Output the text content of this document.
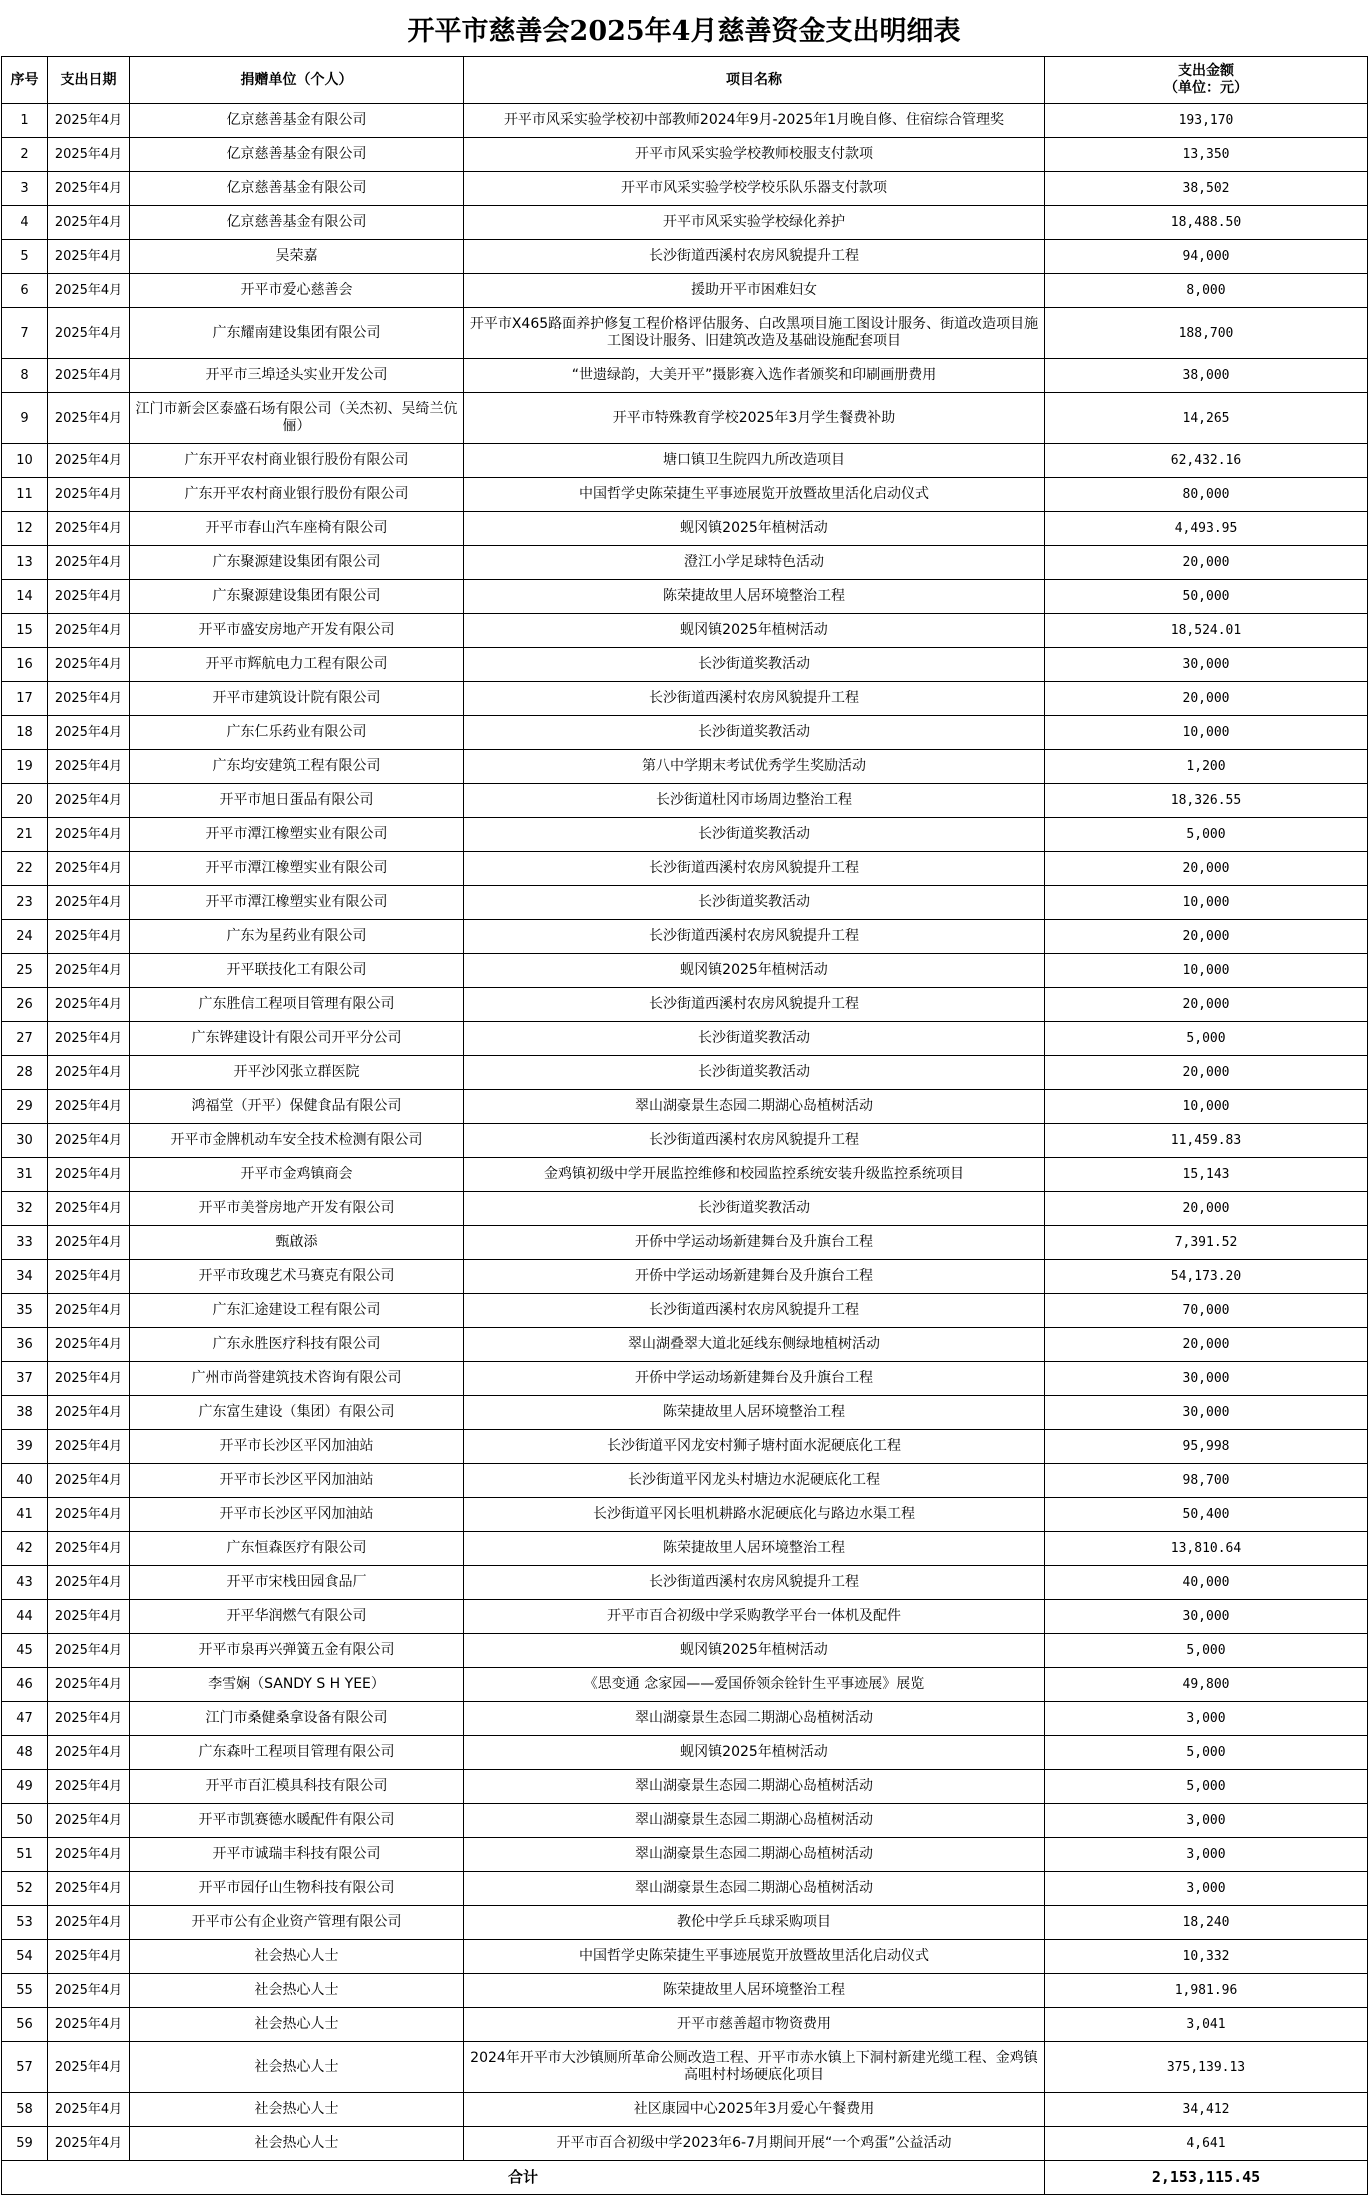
开平市慈善会2025年4月慈善资金支出明细表
序号	支出日期	捐赠单位（个人）	项目名称	支出金额
（单位：元）

1	2025年4月	亿京慈善基金有限公司	开平市风采实验学校初中部教师2024年9月-2025年1月晚自修、住宿综合管理奖	193,170
2	2025年4月	亿京慈善基金有限公司	开平市风采实验学校教师校服支付款项	13,350
3	2025年4月	亿京慈善基金有限公司	开平市风采实验学校学校乐队乐器支付款项	38,502
4	2025年4月	亿京慈善基金有限公司	开平市风采实验学校绿化养护	18,488.50
5	2025年4月	吴荣嘉	长沙街道西溪村农房风貌提升工程	94,000
6	2025年4月	开平市爱心慈善会	援助开平市困难妇女	8,000
7	2025年4月	广东耀南建设集团有限公司	开平市X465路面养护修复工程价格评估服务、白改黑项目施工图设计服务、街道改造项目施工图设计服务、旧建筑改造及基础设施配套项目	188,700
8	2025年4月	开平市三埠迳头实业开发公司	“世遗绿韵，大美开平”摄影赛入选作者颁奖和印刷画册费用	38,000
9	2025年4月	江门市新会区泰盛石场有限公司（关杰初、吴绮兰伉俪）	开平市特殊教育学校2025年3月学生餐费补助	14,265
10	2025年4月	广东开平农村商业银行股份有限公司	塘口镇卫生院四九所改造项目	62,432.16
11	2025年4月	广东开平农村商业银行股份有限公司	中国哲学史陈荣捷生平事迹展览开放暨故里活化启动仪式	80,000
12	2025年4月	开平市春山汽车座椅有限公司	蚬冈镇2025年植树活动	4,493.95
13	2025年4月	广东聚源建设集团有限公司	澄江小学足球特色活动	20,000
14	2025年4月	广东聚源建设集团有限公司	陈荣捷故里人居环境整治工程	50,000
15	2025年4月	开平市盛安房地产开发有限公司	蚬冈镇2025年植树活动	18,524.01
16	2025年4月	开平市辉航电力工程有限公司	长沙街道奖教活动	30,000
17	2025年4月	开平市建筑设计院有限公司	长沙街道西溪村农房风貌提升工程	20,000
18	2025年4月	广东仁乐药业有限公司	长沙街道奖教活动	10,000
19	2025年4月	广东均安建筑工程有限公司	第八中学期末考试优秀学生奖励活动	1,200
20	2025年4月	开平市旭日蛋品有限公司	长沙街道杜冈市场周边整治工程	18,326.55
21	2025年4月	开平市潭江橡塑实业有限公司	长沙街道奖教活动	5,000
22	2025年4月	开平市潭江橡塑实业有限公司	长沙街道西溪村农房风貌提升工程	20,000
23	2025年4月	开平市潭江橡塑实业有限公司	长沙街道奖教活动	10,000
24	2025年4月	广东为星药业有限公司	长沙街道西溪村农房风貌提升工程	20,000
25	2025年4月	开平联技化工有限公司	蚬冈镇2025年植树活动	10,000
26	2025年4月	广东胜信工程项目管理有限公司	长沙街道西溪村农房风貌提升工程	20,000
27	2025年4月	广东铧建设计有限公司开平分公司	长沙街道奖教活动	5,000
28	2025年4月	开平沙冈张立群医院	长沙街道奖教活动	20,000
29	2025年4月	鸿福堂（开平）保健食品有限公司	翠山湖豪景生态园二期湖心岛植树活动	10,000
30	2025年4月	开平市金牌机动车安全技术检测有限公司	长沙街道西溪村农房风貌提升工程	11,459.83
31	2025年4月	开平市金鸡镇商会	金鸡镇初级中学开展监控维修和校园监控系统安装升级监控系统项目	15,143
32	2025年4月	开平市美誉房地产开发有限公司	长沙街道奖教活动	20,000
33	2025年4月	甄啟添	开侨中学运动场新建舞台及升旗台工程	7,391.52
34	2025年4月	开平市玫瑰艺术马赛克有限公司	开侨中学运动场新建舞台及升旗台工程	54,173.20
35	2025年4月	广东汇途建设工程有限公司	长沙街道西溪村农房风貌提升工程	70,000
36	2025年4月	广东永胜医疗科技有限公司	翠山湖叠翠大道北延线东侧绿地植树活动	20,000
37	2025年4月	广州市尚誉建筑技术咨询有限公司	开侨中学运动场新建舞台及升旗台工程	30,000
38	2025年4月	广东富生建设（集团）有限公司	陈荣捷故里人居环境整治工程	30,000
39	2025年4月	开平市长沙区平冈加油站	长沙街道平冈龙安村狮子塘村面水泥硬底化工程	95,998
40	2025年4月	开平市长沙区平冈加油站	长沙街道平冈龙头村塘边水泥硬底化工程	98,700
41	2025年4月	开平市长沙区平冈加油站	长沙街道平冈长咀机耕路水泥硬底化与路边水渠工程	50,400
42	2025年4月	广东恒森医疗有限公司	陈荣捷故里人居环境整治工程	13,810.64
43	2025年4月	开平市宋栈田园食品厂	长沙街道西溪村农房风貌提升工程	40,000
44	2025年4月	开平华润燃气有限公司	开平市百合初级中学采购教学平台一体机及配件	30,000
45	2025年4月	开平市泉再兴弹簧五金有限公司	蚬冈镇2025年植树活动	5,000
46	2025年4月	李雪娴（SANDY S H YEE）	《思变通 念家园——爱国侨领余铨针生平事迹展》展览	49,800
47	2025年4月	江门市桑健桑拿设备有限公司	翠山湖豪景生态园二期湖心岛植树活动	3,000
48	2025年4月	广东森叶工程项目管理有限公司	蚬冈镇2025年植树活动	5,000
49	2025年4月	开平市百汇模具科技有限公司	翠山湖豪景生态园二期湖心岛植树活动	5,000
50	2025年4月	开平市凯赛德水暖配件有限公司	翠山湖豪景生态园二期湖心岛植树活动	3,000
51	2025年4月	开平市诚瑞丰科技有限公司	翠山湖豪景生态园二期湖心岛植树活动	3,000
52	2025年4月	开平市园仔山生物科技有限公司	翠山湖豪景生态园二期湖心岛植树活动	3,000
53	2025年4月	开平市公有企业资产管理有限公司	教伦中学乒乓球采购项目	18,240
54	2025年4月	社会热心人士	中国哲学史陈荣捷生平事迹展览开放暨故里活化启动仪式	10,332
55	2025年4月	社会热心人士	陈荣捷故里人居环境整治工程	1,981.96
56	2025年4月	社会热心人士	开平市慈善超市物资费用	3,041
57	2025年4月	社会热心人士	2024年开平市大沙镇厕所革命公厕改造工程、开平市赤水镇上下洞村新建光缆工程、金鸡镇高咀村村场硬底化项目	375,139.13
58	2025年4月	社会热心人士	社区康园中心2025年3月爱心午餐费用	34,412
59	2025年4月	社会热心人士	开平市百合初级中学2023年6-7月期间开展“一个鸡蛋”公益活动	4,641
合计				2,153,115.45
